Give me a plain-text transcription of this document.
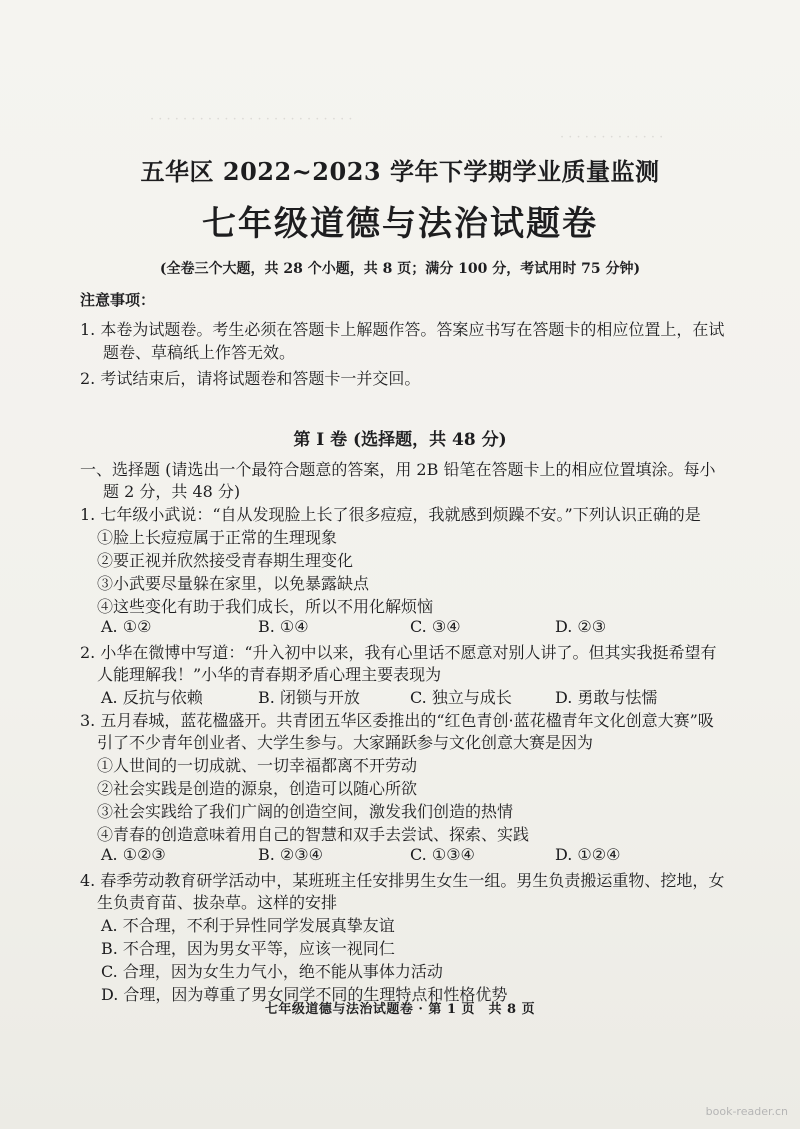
· · · · · · · · · · · · · · · · · · · · · · · · ·
· · · · · · · · · · · · ·
五华区 2022~2023 学年下学期学业质量监测
七年级道德与法治试题卷
(全卷三个大题，共 28 个小题，共 8 页；满分 100 分，考试用时 75 分钟)
注意事项：
1. 本卷为试题卷。考生必须在答题卡上解题作答。答案应书写在答题卡的相应位置上，在试
题卷、草稿纸上作答无效。
2. 考试结束后，请将试题卷和答题卡一并交回。
第 I 卷 (选择题，共 48 分)
一、选择题 (请选出一个最符合题意的答案，用 2B 铅笔在答题卡上的相应位置填涂。每小
题 2 分，共 48 分)
1. 七年级小武说：“自从发现脸上长了很多痘痘，我就感到烦躁不安。”下列认识正确的是
①脸上长痘痘属于正常的生理现象
②要正视并欣然接受青春期生理变化
③小武要尽量躲在家里，以免暴露缺点
④这些变化有助于我们成长，所以不用化解烦恼
A. ①②	B. ①④	C. ③④	D. ②③
2. 小华在微博中写道：“升入初中以来，我有心里话不愿意对别人讲了。但其实我挺希望有
人能理解我！”小华的青春期矛盾心理主要表现为
A. 反抗与依赖	B. 闭锁与开放	C. 独立与成长	D. 勇敢与怯懦
3. 五月春城，蓝花楹盛开。共青团五华区委推出的“红色青创·蓝花楹青年文化创意大赛”吸
引了不少青年创业者、大学生参与。大家踊跃参与文化创意大赛是因为
①人世间的一切成就、一切幸福都离不开劳动
②社会实践是创造的源泉，创造可以随心所欲
③社会实践给了我们广阔的创造空间，激发我们创造的热情
④青春的创造意味着用自己的智慧和双手去尝试、探索、实践
A. ①②③	B. ②③④	C. ①③④	D. ①②④
4. 春季劳动教育研学活动中，某班班主任安排男生女生一组。男生负责搬运重物、挖地，女
生负责育苗、拔杂草。这样的安排
A. 不合理，不利于异性同学发展真挚友谊
B. 不合理，因为男女平等，应该一视同仁
C. 合理，因为女生力气小，绝不能从事体力活动
D. 合理，因为尊重了男女同学不同的生理特点和性格优势
七年级道德与法治试题卷 · 第 1 页　共 8 页
book-reader.cn
